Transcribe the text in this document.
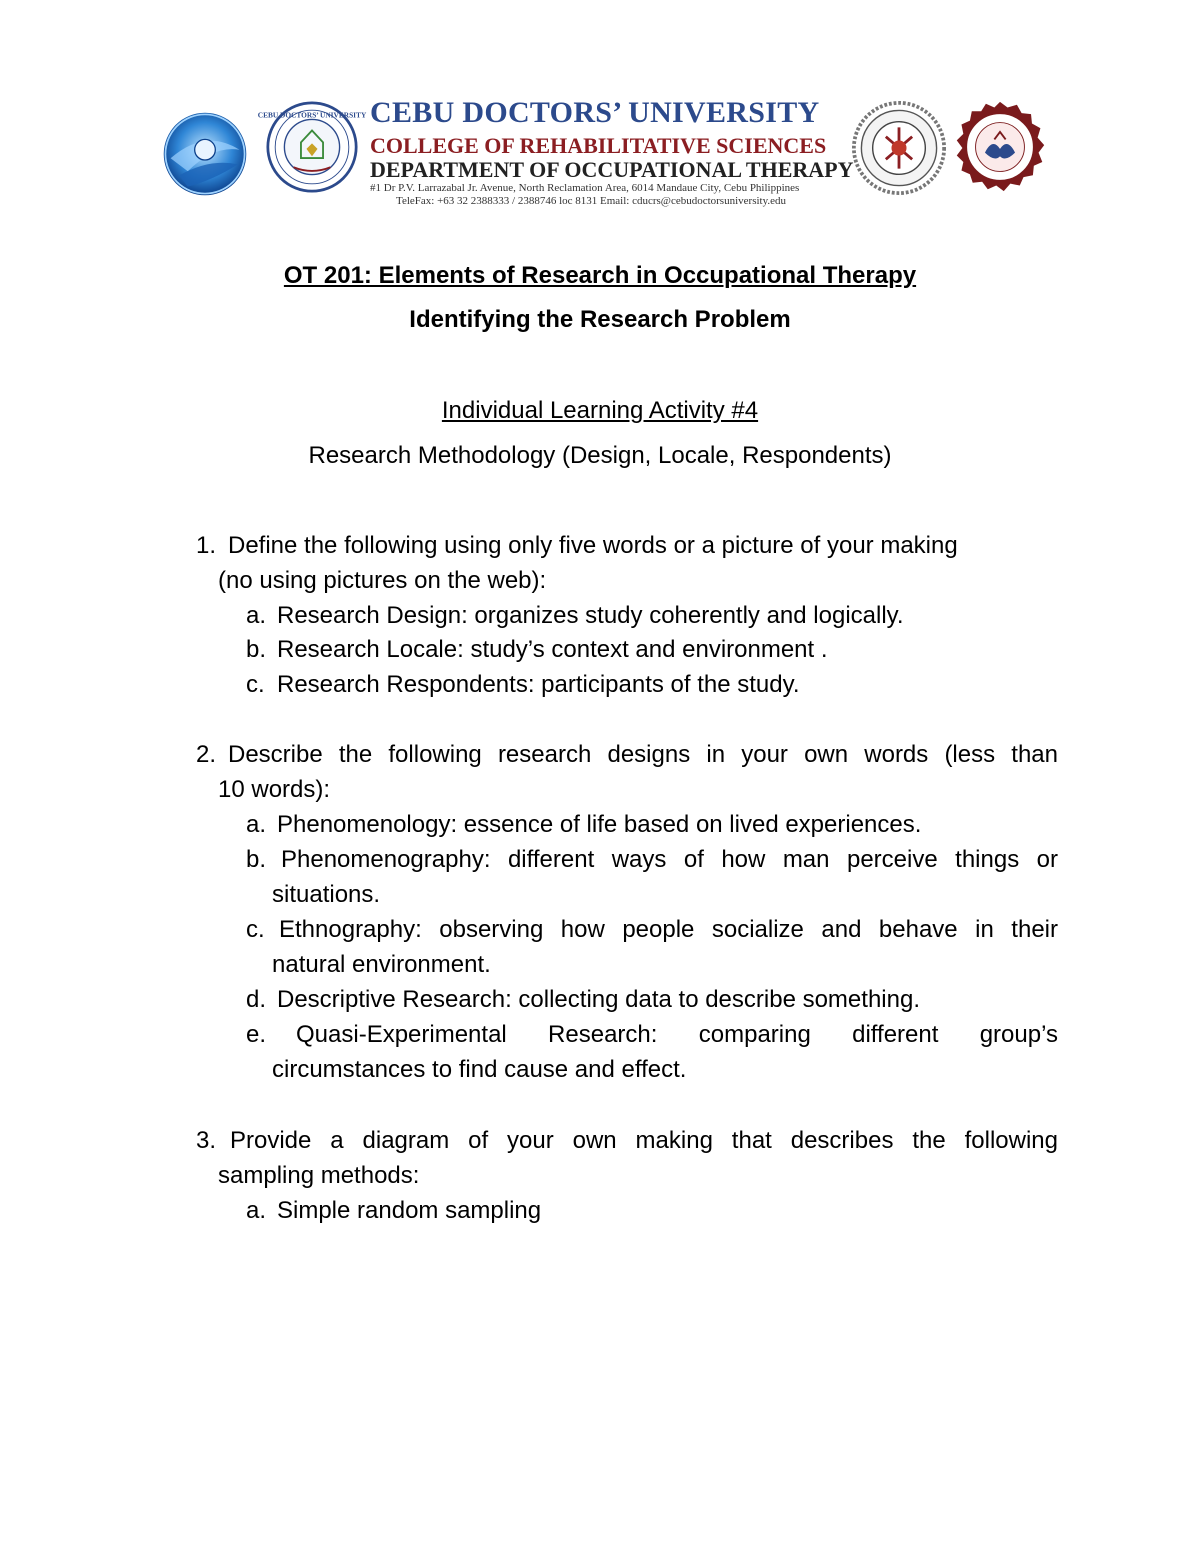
CEBU DOCTORS’ UNIVERSITY CEBU DOCTORS’ UNIVERSITY
COLLEGE OF REHABILITATIVE SCIENCES
DEPARTMENT OF OCCUPATIONAL THERAPY
#1 Dr P.V. Larrazabal Jr. Avenue, North Reclamation Area, 6014 Mandaue City, Cebu Philippines
TeleFax: +63 32 2388333 / 2388746 loc 8131 Email: cducrs@cebudoctorsuniversity.edu
OT 201: Elements of Research in Occupational Therapy
Identifying the Research Problem
Individual Learning Activity #4
Research Methodology (Design, Locale, Respondents)
1. Define the following using only five words or a picture of your making
(no using pictures on the web):
a. Research Design: organizes study coherently and logically.
b. Research Locale: study’s context and environment .
c. Research Respondents: participants of the study.
2. Describe the following research designs in your own words (less than
10 words):
a. Phenomenology: essence of life based on lived experiences.
b. Phenomenography: different ways of how man perceive things or
situations.
c. Ethnography: observing how people socialize and behave in their
natural environment.
d. Descriptive Research: collecting data to describe something.
e. Quasi-Experimental Research: comparing different group’s
circumstances to find cause and effect.
3. Provide a diagram of your own making that describes the following
sampling methods:
a. Simple random sampling
